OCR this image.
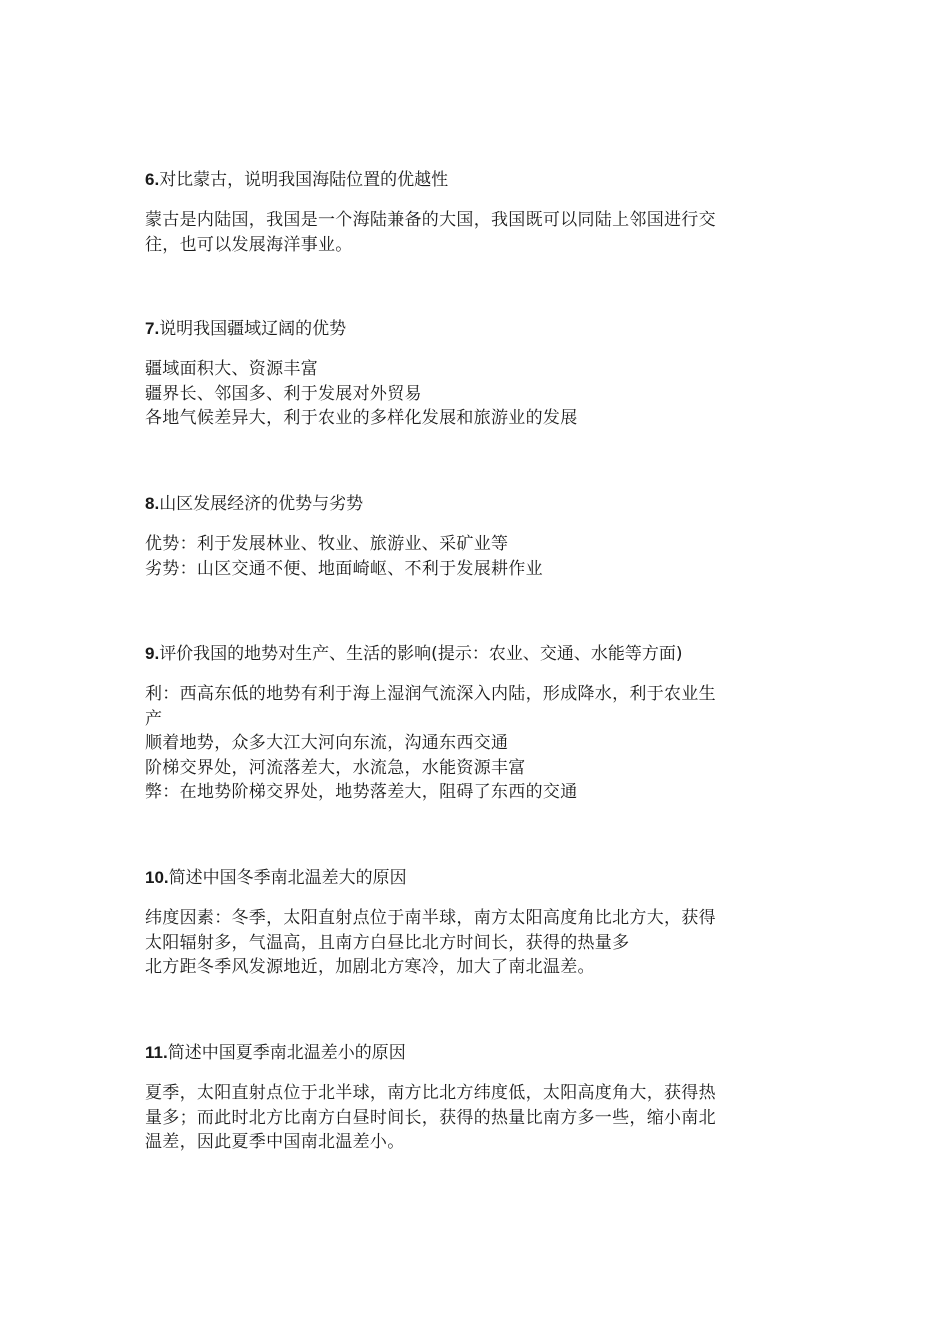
6.对比蒙古，说明我国海陆位置的优越性

蒙古是内陆国，我国是一个海陆兼备的大国，我国既可以同陆上邻国进行交

往，也可以发展海洋事业。

7.说明我国疆域辽阔的优势

疆域面积大、资源丰富

疆界长、邻国多、利于发展对外贸易

各地气候差异大，利于农业的多样化发展和旅游业的发展

8.山区发展经济的优势与劣势

优势：利于发展林业、牧业、旅游业、采矿业等

劣势：山区交通不便、地面崎岖、不利于发展耕作业

9.评价我国的地势对生产、生活的影响(提示：农业、交通、水能等方面)

利：西高东低的地势有利于海上湿润气流深入内陆，形成降水，利于农业生

产

顺着地势，众多大江大河向东流，沟通东西交通

阶梯交界处，河流落差大，水流急，水能资源丰富

弊：在地势阶梯交界处，地势落差大，阻碍了东西的交通

10.简述中国冬季南北温差大的原因

纬度因素：冬季，太阳直射点位于南半球，南方太阳高度角比北方大，获得

太阳辐射多，气温高，且南方白昼比北方时间长，获得的热量多

北方距冬季风发源地近，加剧北方寒冷，加大了南北温差。

11.简述中国夏季南北温差小的原因

夏季，太阳直射点位于北半球，南方比北方纬度低，太阳高度角大，获得热

量多；而此时北方比南方白昼时间长，获得的热量比南方多一些，缩小南北

温差，因此夏季中国南北温差小。
